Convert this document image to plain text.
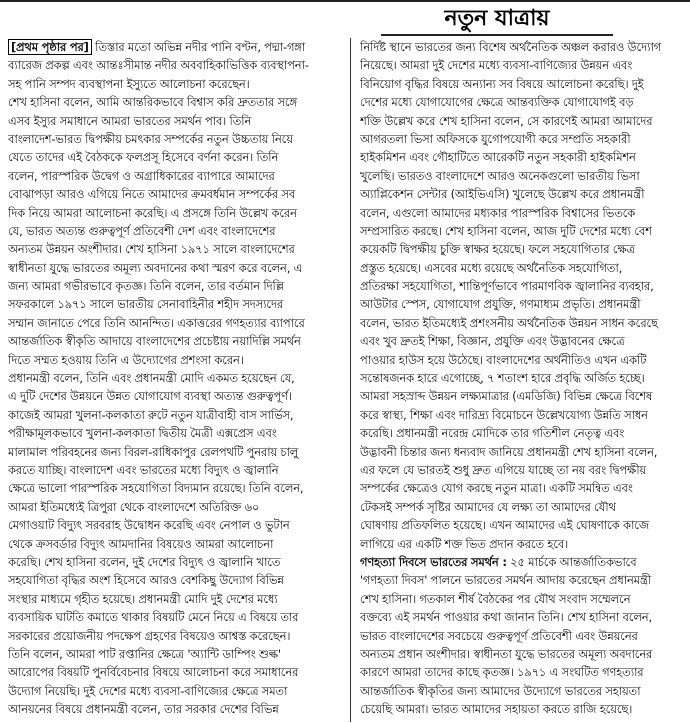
নতুন যাত্রায়
[প্রথম পৃষ্ঠার পর] তিস্তার মতো অভিন্ন নদীর পানি বণ্টন, পদ্মা-গঙ্গা
ব্যারেজ প্রকল্প এবং আন্তঃসীমান্ত নদীর অববাহিকাভিত্তিক ব্যবস্থাপনা-
সহ পানি সম্পদ ব্যবস্থাপনা ইস্যুতে আলোচনা করেছেন।
শেখ হাসিনা বলেন, আমি আন্তরিকভাবে বিশ্বাস করি দ্রুততার সঙ্গে
এসব ইস্যুর সমাধানে আমরা ভারতের সমর্থন পাব। তিনি
বাংলাদেশ-ভারত দ্বিপক্ষীয় চমৎকার সম্পর্কের নতুন উচ্চতায় নিয়ে
যেতে তাদের এই বৈঠককে ফলপ্রসূ হিসেবে বর্ণনা করেন। তিনি
বলেন, পারস্পরিক উদ্বেগ ও অগ্রাধিকারের ব্যাপারে আমাদের
বোঝাপড়া আরও এগিয়ে নিতে আমাদের ক্রমবর্ধমান সম্পর্কের সব
দিক নিয়ে আমরা আলোচনা করেছি। এ প্রসঙ্গে তিনি উল্লেখ করেন
যে, ভারত অত্যন্ত গুরুত্বপূর্ণ প্রতিবেশী দেশ এবং বাংলাদেশের
অন্যতম উন্নয়ন অংশীদার। শেখ হাসিনা ১৯৭১ সালে বাংলাদেশের
স্বাধীনতা যুদ্ধে ভারতের অমূল্য অবদানের কথা স্মরণ করে বলেন, এ
জন্য আমরা গভীরভাবে কৃতজ্ঞ। তিনি বলেন, তার বর্তমান দিল্লি
সফরকালে ১৯৭১ সালে ভারতীয় সেনাবাহিনীর শহীদ সদস্যদের
সম্মান জানাতে পেরে তিনি আনন্দিত। একাত্তরের গণহত্যার ব্যাপারে
আন্তর্জাতিক স্বীকৃতি আদায়ে বাংলাদেশের প্রচেষ্টায় নয়াদিল্লি সমর্থন
দিতে সম্মত হওয়ায় তিনি এ উদ্যোগের প্রশংসা করেন।
প্রধানমন্ত্রী বলেন, তিনি এবং প্রধানমন্ত্রী মোদি একমত হয়েছেন যে,
এ দুটি দেশের উন্নয়নে উন্নত যোগাযোগ ব্যবস্থা অত্যন্ত গুরুত্বপূর্ণ।
কাজেই আমরা খুলনা-কলকাতা রুটে নতুন যাত্রীবাহী বাস সার্ভিস,
পরীক্ষামূলকভাবে খুলনা-কলকাতা দ্বিতীয় মৈত্রী এক্সপ্রেস এবং
মালামাল পরিবহনের জন্য বিরল-রাধিকাপুর রেলপথটি পুনরায় চালু
করতে যাচ্ছি। বাংলাদেশ এবং ভারতের মধ্যে বিদ্যুৎ ও জ্বালানি
ক্ষেত্রে ভালো পারস্পরিক সহযোগিতা বিদ্যমান রয়েছে। তিনি বলেন,
আমরা ইতিমধ্যেই ত্রিপুরা থেকে বাংলাদেশে অতিরিক্ত ৬০
মেগাওয়াট বিদ্যুৎ সরবরাহ উদ্বোধন করেছি এবং নেপাল ও ভুটান
থেকে ক্রসবর্ডার বিদ্যুৎ আমদানির বিষয়েও আমরা আলোচনা
করেছি। শেখ হাসিনা বলেন, দুই দেশের বিদ্যুৎ ও জ্বালানি খাতে
সহযোগিতা বৃদ্ধির অংশ হিসেবে আরও বেশকিছু উদ্যোগ বিভিন্ন
সংস্থার মাধ্যমে গৃহীত হয়েছে। প্রধানমন্ত্রী মোদি দুই দেশের মধ্যে
ব্যবসায়িক ঘাটতি কমাতে থাকার বিষয়টি মেনে নিয়ে এ বিষয়ে তার
সরকারের প্রয়োজনীয় পদক্ষেপ গ্রহণের বিষয়েও আশ্বস্ত করেছেন।
তিনি বলেন, আমরা পাট রপ্তানির ক্ষেত্রে 'অ্যান্টি ডাম্পিং শুল্ক'
আরোপের বিষয়টি পুনর্বিবেচনার বিষয়ে আলোচনা করে সমাধানের
উদ্যোগ নিয়েছি। দুই দেশের মধ্যে ব্যবসা-বাণিজ্যের ক্ষেত্রে সমতা
আনয়নের বিষয়ে প্রধানমন্ত্রী বলেন, তার সরকার দেশের বিভিন্ন
নির্দিষ্ট স্থানে ভারতের জন্য বিশেষ অর্থনৈতিক অঞ্চল করারও উদ্যোগ
নিয়েছে। আমরা দুই দেশের মধ্যে ব্যবসা-বাণিজ্যের উন্নয়ন এবং
বিনিয়োগ বৃদ্ধির বিষয়ে অন্যান্য সব বিষয়ে আলোচনা করেছি। দুই
দেশের মধ্যে যোগাযোগের ক্ষেত্রে আন্তব্যক্তিক যোগাযোগই বড়
শক্তি উল্লেখ করে শেখ হাসিনা বলেন, সে কারণেই আমরা আমাদের
আগরতলা ভিসা অফিসকে যুগোপযোগী করে সম্প্রতি সহকারী
হাইকমিশন এবং গৌহাটিতে আরেকটি নতুন সহকারী হাইকমিশন
খুলেছি। ভারতও বাংলাদেশে আরও অনেকগুলো ভারতীয় ভিসা
অ্যাপ্লিকেশন সেন্টার (আইভিএসি) খুলেছে উল্লেখ করে প্রধানমন্ত্রী
বলেন, এগুলো আমাদের মধ্যকার পারস্পরিক বিশ্বাসের ভিতকে
সম্প্রসারিত করছে। শেখ হাসিনা বলেন, আজ দুটি দেশের মধ্যে বেশ
কয়েকটি দ্বিপক্ষীয় চুক্তি স্বাক্ষর হয়েছে। ফলে সহযোগিতার ক্ষেত্র
প্রস্তুত হয়েছে। এসবের মধ্যে রয়েছে অর্থনৈতিক সহযোগিতা,
প্রতিরক্ষা সহযোগিতা, শান্তিপূর্ণভাবে পারমাণবিক জ্বালানির ব্যবহার,
আউটার স্পেস, যোগাযোগ প্রযুক্তি, গণমাধ্যম প্রভৃতি। প্রধানমন্ত্রী
বলেন, ভারত ইতিমধ্যেই প্রশংসনীয় অর্থনৈতিক উন্নয়ন সাধন করেছে
এবং খুব দ্রুতই শিক্ষা, বিজ্ঞান, প্রযুক্তি এবং উদ্ভাবনের ক্ষেত্রে
পাওয়ার হাউস হয়ে উঠেছে। বাংলাদেশের অর্থনীতিও এখন একটি
সন্তোষজনক হারে এগোচ্ছে, ৭ শতাংশ হারে প্রবৃদ্ধি অর্জিত হচ্ছে।
আমরা সহস্রাব্দ উন্নয়ন লক্ষ্যমাত্রার (এমডিজি) বিভিন্ন ক্ষেত্রে বিশেষ
করে স্বাস্থ্য, শিক্ষা এবং দারিদ্র্য বিমোচনে উল্লেখযোগ্য উন্নতি সাধন
করেছি। প্রধানমন্ত্রী নরেন্দ্র মোদিকে তার গতিশীল নেতৃত্ব এবং
উদ্ভাবনী চিন্তার জন্য ধন্যবাদ জানিয়ে প্রধানমন্ত্রী শেখ হাসিনা বলেন,
এর ফলে যে ভারতই শুধু দ্রুত এগিয়ে যাচ্ছে তা নয় বরং দ্বিপক্ষীয়
সম্পর্কের ক্ষেত্রেও যোগ করছে নতুন মাত্রা। একটি সমন্বিত এবং
টেকসই সম্পর্ক সৃষ্টির আমাদের যে লক্ষ্য তা আমাদের যৌথ
ঘোষণায় প্রতিফলিত হয়েছে। এখন আমাদের এই ঘোষণাকে কাজে
লাগিয়ে এর একটি শক্ত ভিত প্রদান করতে হবে।
গণহত্যা দিবসে ভারতের সমর্থন : ২৫ মার্চকে আন্তর্জাতিকভাবে
'গণহত্যা দিবস' পালনে ভারতের সমর্থন আদায় করেছেন প্রধানমন্ত্রী
শেখ হাসিনা। গতকাল শীর্ষ বৈঠকের পর যৌথ সংবাদ সম্মেলনে
বক্তব্যে এই সমর্থন পাওয়ার কথা জানান তিনি। শেখ হাসিনা বলেন,
ভারত বাংলাদেশের সবচেয়ে গুরুত্বপূর্ণ প্রতিবেশী এবং উন্নয়নের
অন্যতম প্রধান অংশীদার। স্বাধীনতা যুদ্ধে ভারতের অমূল্য অবদানের
কারণে আমরা তাদের কাছে কৃতজ্ঞ। ১৯৭১ এ সংঘটিত গণহত্যার
আন্তর্জাতিক স্বীকৃতির জন্য আমাদের উদ্যোগে ভারতের সহায়তা
চেয়েছি আমরা। ভারত আমাদের সহায়তা করতে রাজি হয়েছে।
